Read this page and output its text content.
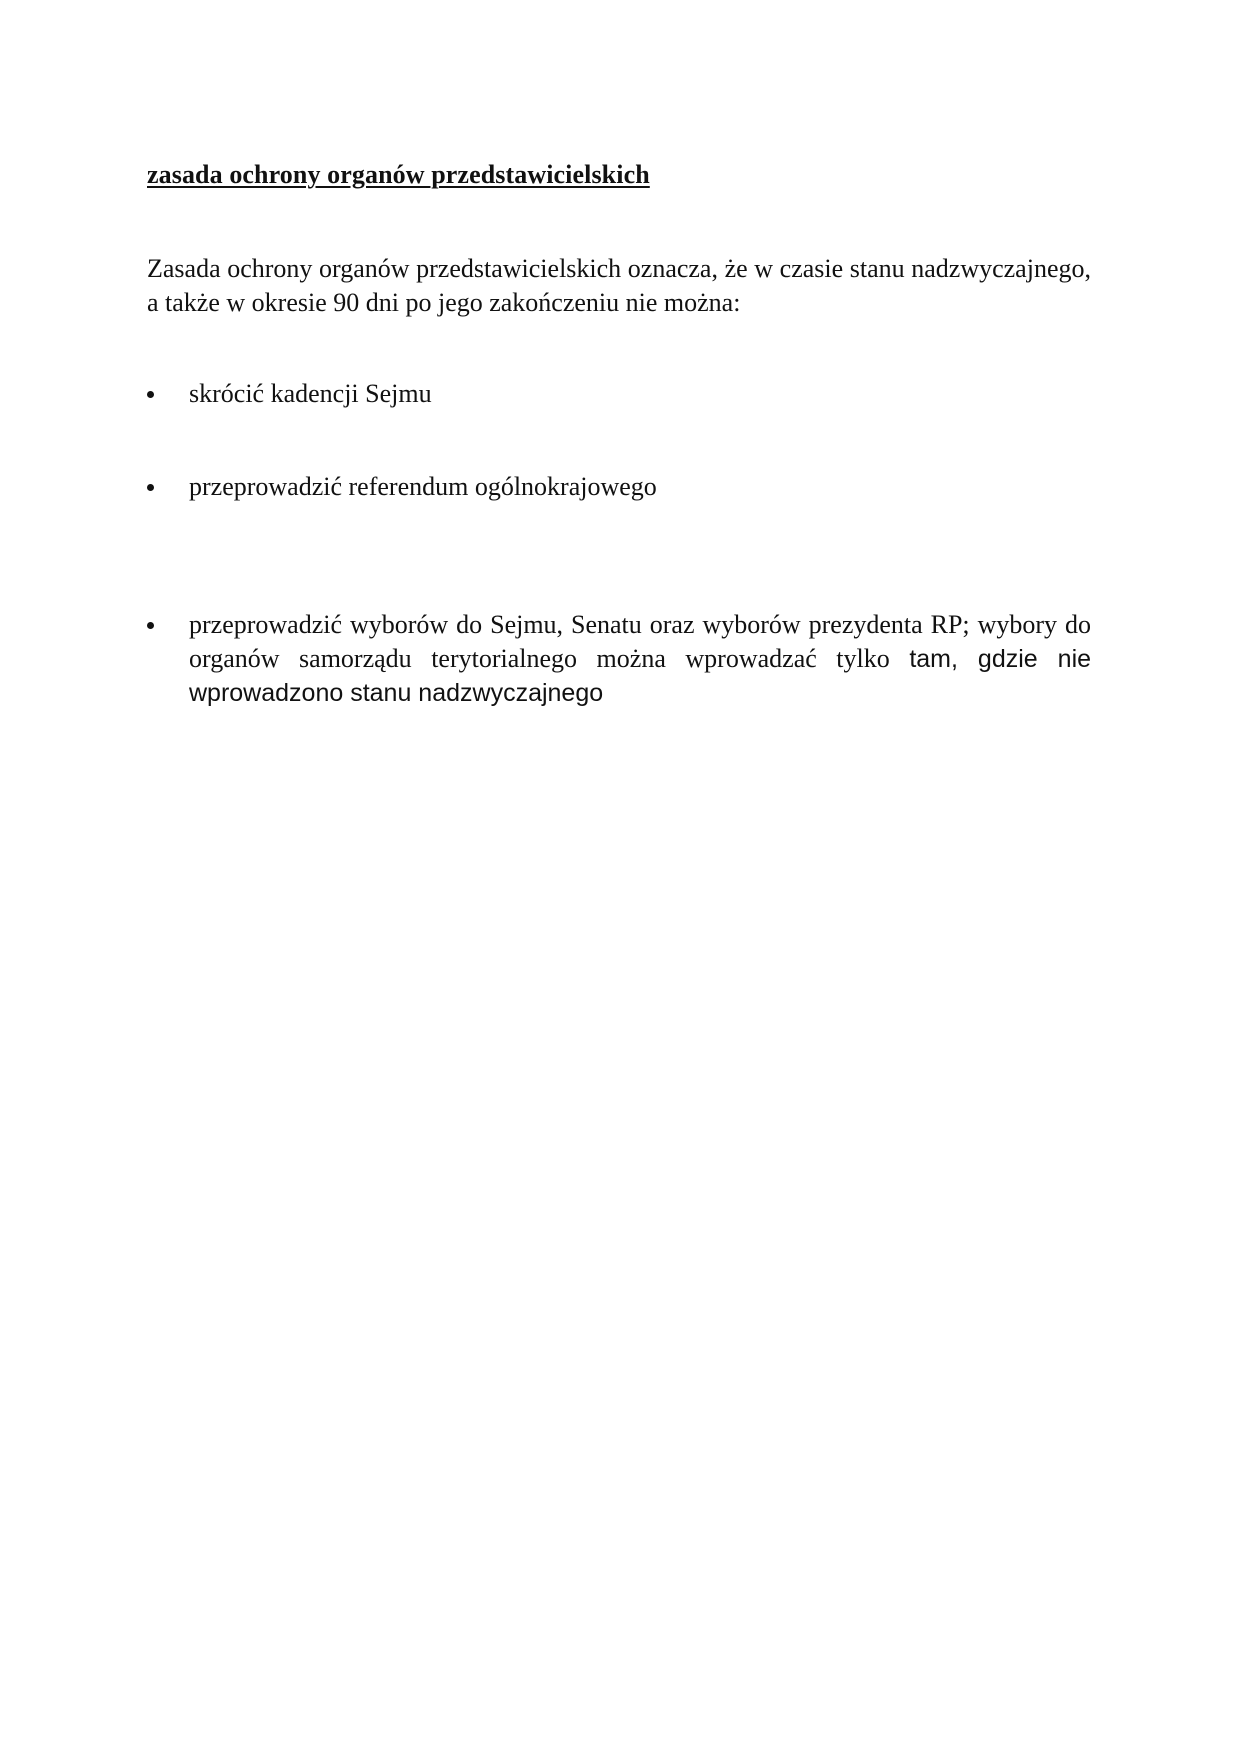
zasada ochrony organów przedstawicielskich

Zasada ochrony organów przedstawicielskich oznacza, że w czasie stanu nadzwyczajnego, a także w okresie 90 dni po jego zakończeniu nie można:

skrócić kadencji Sejmu
przeprowadzić referendum ogólnokrajowego
przeprowadzić wyborów do Sejmu, Senatu oraz wyborów prezydenta RP; wybory do organów samorządu terytorialnego można wprowadzać tylko tam, gdzie nie wprowadzono stanu nadzwyczajnego
